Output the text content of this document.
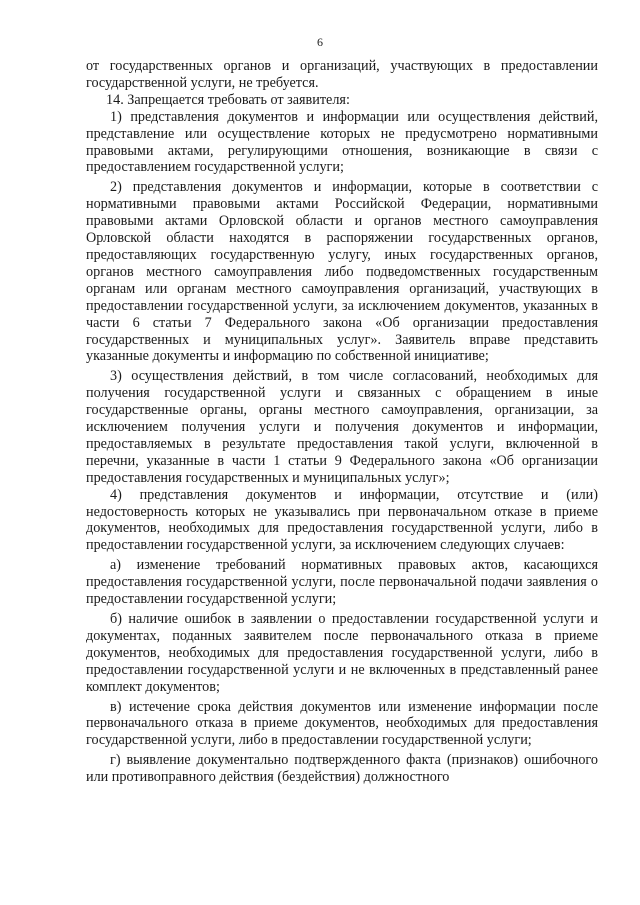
6

от государственных органов и организаций, участвующих в предоставлении государственной услуги, не требуется.

14. Запрещается требовать от заявителя:

1) представления документов и информации или осуществления действий, представление или осуществление которых не предусмотрено нормативными правовыми актами, регулирующими отношения, возникающие в связи с предоставлением государственной услуги;

2) представления документов и информации, которые в соответствии с нормативными правовыми актами Российской Федерации, нормативными правовыми актами Орловской области и органов местного самоуправления Орловской области находятся в распоряжении государственных органов, предоставляющих государственную услугу, иных государственных органов, органов местного самоуправления либо подведомственных государственным органам или органам местного самоуправления организаций, участвующих в предоставлении государственной услуги, за исключением документов, указанных в части 6 статьи 7 Федерального закона «Об организации предоставления государственных и муниципальных услуг». Заявитель вправе представить указанные документы и информацию по собственной инициативе;

3) осуществления действий, в том числе согласований, необходимых для получения государственной услуги и связанных с обращением в иные государственные органы, органы местного самоуправления, организации, за исключением получения услуги и получения документов и информации, предоставляемых в результате предоставления такой услуги, включенной в перечни, указанные в части 1 статьи 9 Федерального закона «Об организации предоставления государственных и муниципальных услуг»;

4) представления документов и информации, отсутствие и (или) недостоверность которых не указывались при первоначальном отказе в приеме документов, необходимых для предоставления государственной услуги, либо в предоставлении государственной услуги, за исключением следующих случаев:

а) изменение требований нормативных правовых актов, касающихся предоставления государственной услуги, после первоначальной подачи заявления о предоставлении государственной услуги;

б) наличие ошибок в заявлении о предоставлении государственной услуги и документах, поданных заявителем после первоначального отказа в приеме документов, необходимых для предоставления государственной услуги, либо в предоставлении государственной услуги и не включенных в представленный ранее комплект документов;

в) истечение срока действия документов или изменение информации после первоначального отказа в приеме документов, необходимых для предоставления государственной услуги, либо в предоставлении государственной услуги;

г) выявление документально подтвержденного факта (признаков) ошибочного или противоправного действия (бездействия) должностного
